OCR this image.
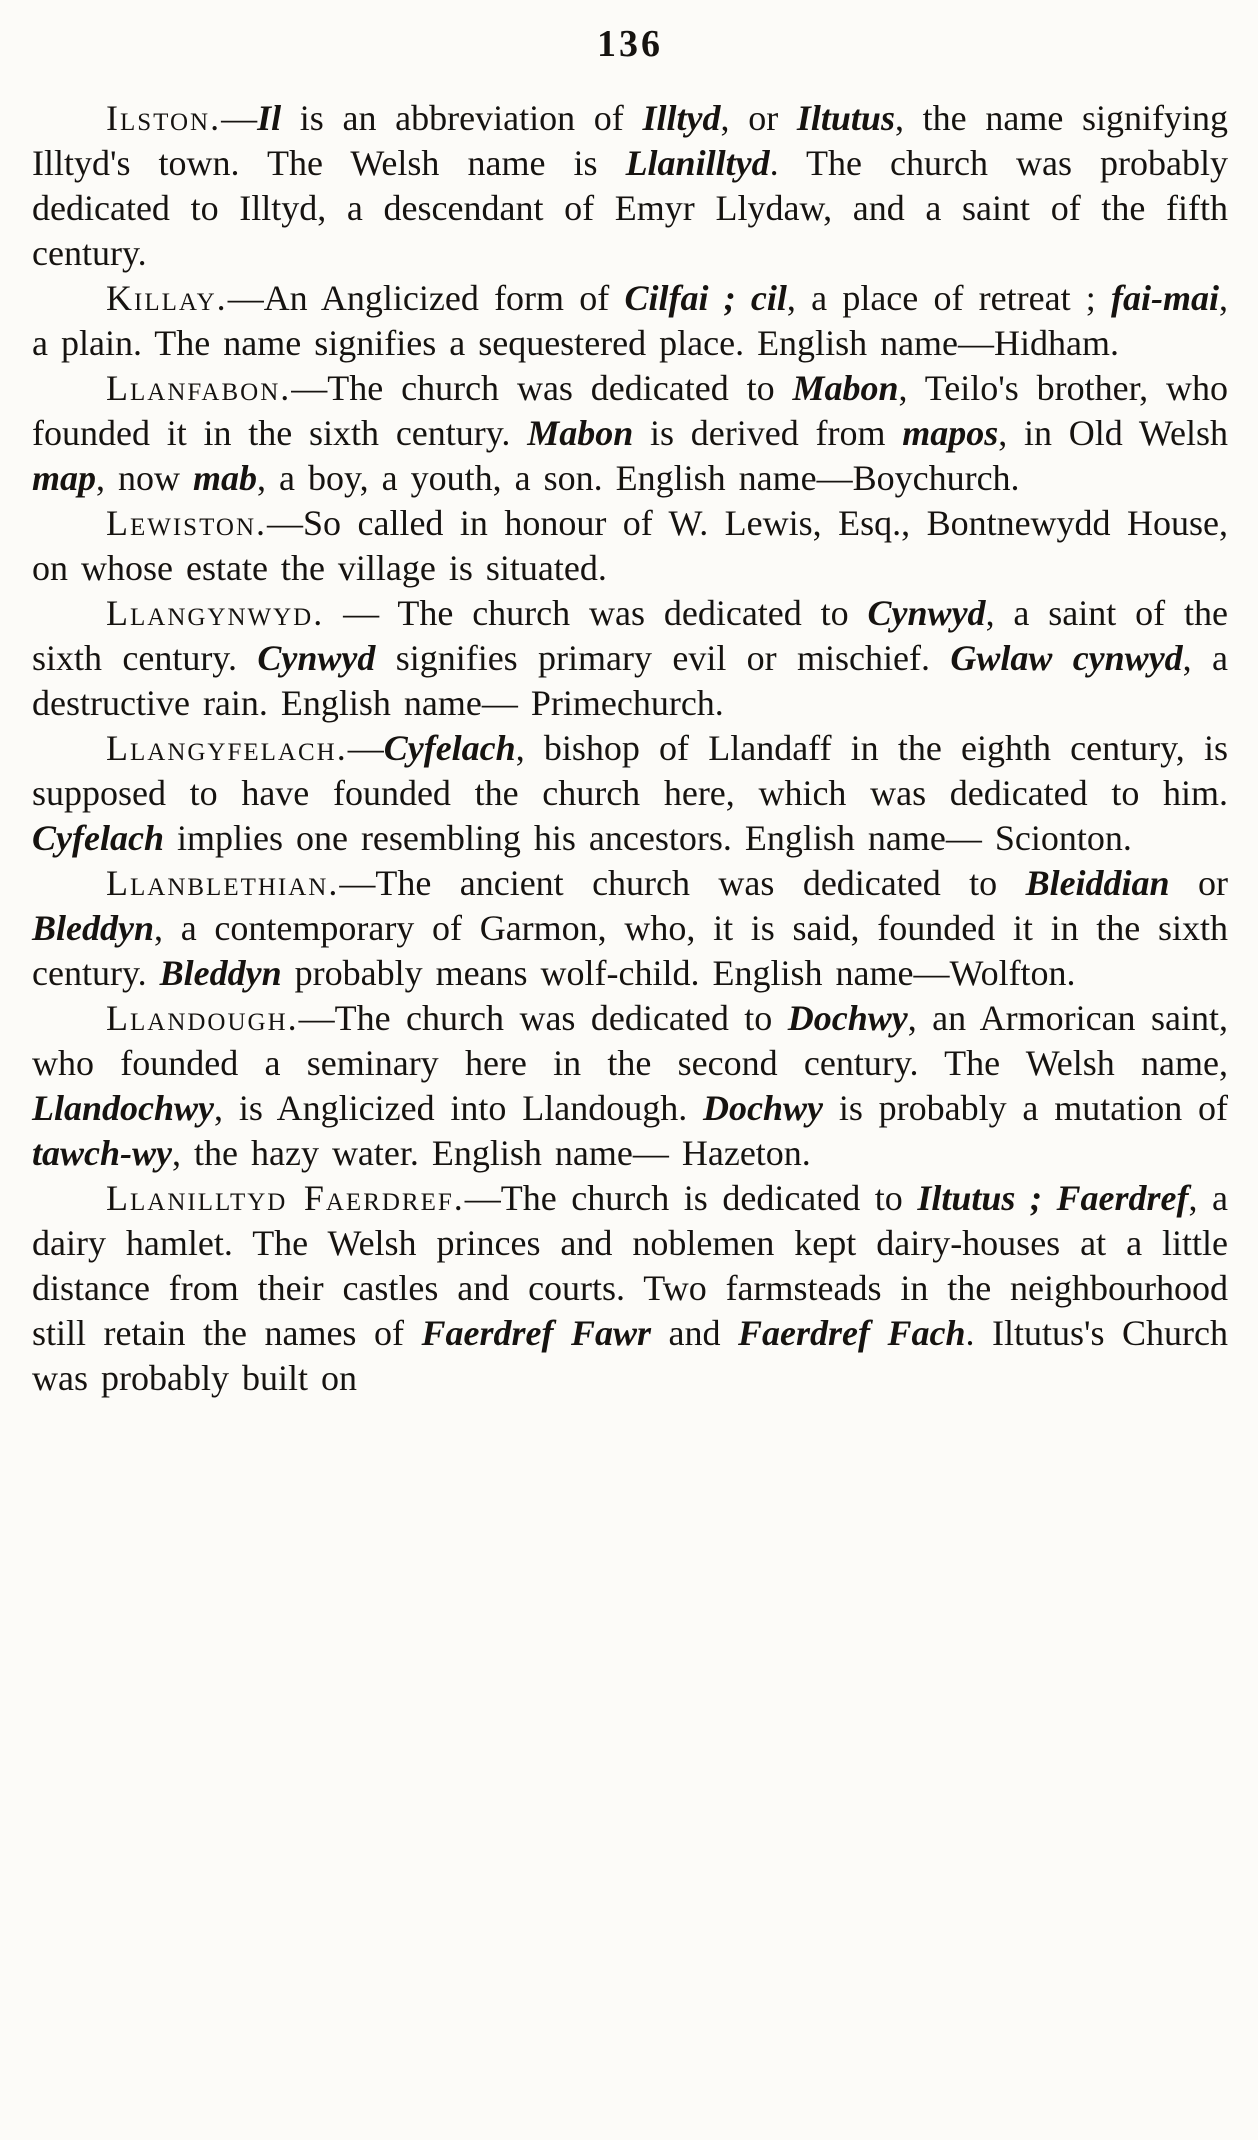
136

Ilston.—Il is an abbreviation of Illtyd, or Iltutus, the name signifying Illtyd's town. The Welsh name is Llanilltyd. The church was probably dedicated to Illtyd, a descendant of Emyr Llydaw, and a saint of the fifth century.

Killay.—An Anglicized form of Cilfai ; cil, a place of retreat ; fai-mai, a plain. The name signifies a sequestered place. English name—Hidham.

Llanfabon.—The church was dedicated to Mabon, Teilo's brother, who founded it in the sixth century. Mabon is derived from mapos, in Old Welsh map, now mab, a boy, a youth, a son. English name—Boychurch.

Lewiston.—So called in honour of W. Lewis, Esq., Bontnewydd House, on whose estate the village is situated.

Llangynwyd. — The church was dedicated to Cynwyd, a saint of the sixth century. Cynwyd signifies primary evil or mischief. Gwlaw cynwyd, a destructive rain. English name— Primechurch.

Llangyfelach.—Cyfelach, bishop of Llandaff in the eighth century, is supposed to have founded the church here, which was dedicated to him. Cyfelach implies one resembling his ancestors. English name— Scionton.

Llanblethian.—The ancient church was dedicated to Bleiddian or Bleddyn, a contemporary of Garmon, who, it is said, founded it in the sixth century. Bleddyn probably means wolf-child. English name—Wolfton.

Llandough.—The church was dedicated to Dochwy, an Armorican saint, who founded a seminary here in the second century. The Welsh name, Llandochwy, is Anglicized into Llandough. Dochwy is probably a mutation of tawch-wy, the hazy water. English name— Hazeton.

Llanilltyd Faerdref.—The church is dedicated to Iltutus ; Faerdref, a dairy hamlet. The Welsh princes and noblemen kept dairy-houses at a little distance from their castles and courts. Two farmsteads in the neighbourhood still retain the names of Faerdref Fawr and Faerdref Fach. Iltutus's Church was probably built on
